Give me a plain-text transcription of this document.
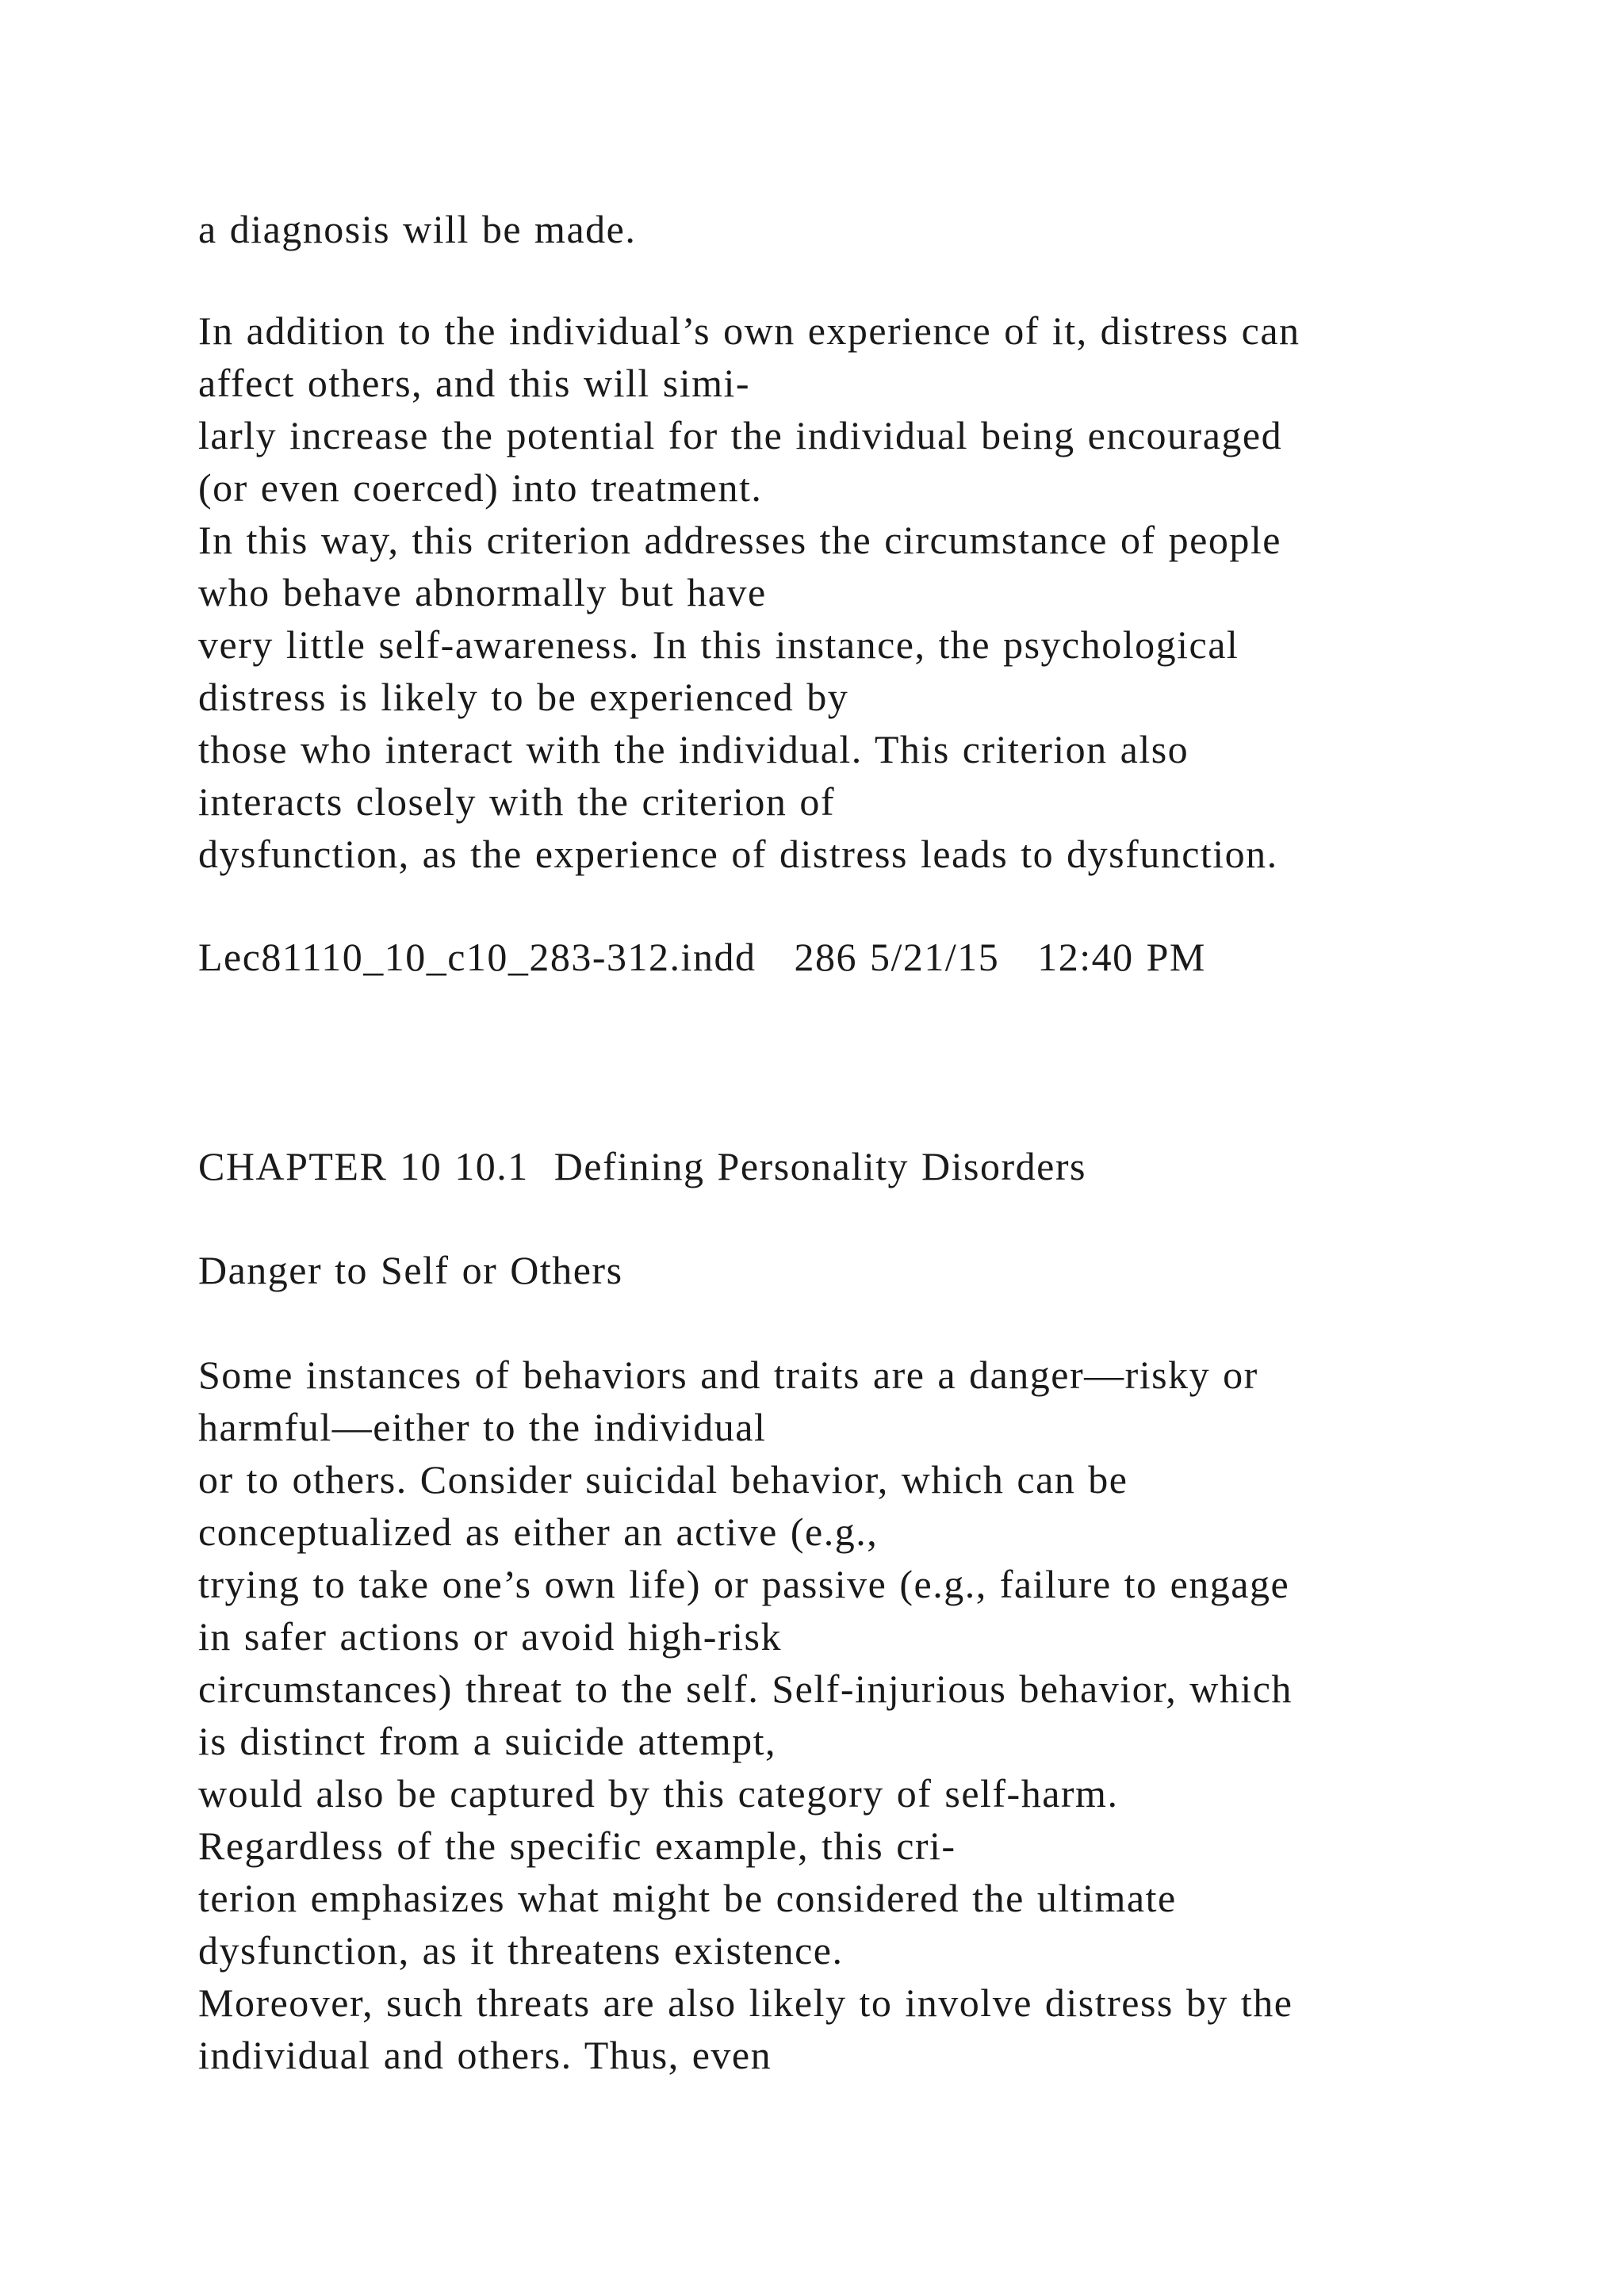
a diagnosis will be made.
In addition to the individual’s own experience of it, distress can
affect others, and this will simi-
larly increase the potential for the individual being encouraged
(or even coerced) into treatment.
In this way, this criterion addresses the circumstance of people
who behave abnormally but have
very little self-awareness. In this instance, the psychological
distress is likely to be experienced by
those who interact with the individual. This criterion also
interacts closely with the criterion of
dysfunction, as the experience of distress leads to dysfunction.
Lec81110_10_c10_283-312.indd   286 5/21/15   12:40 PM
CHAPTER 10 10.1  Defining Personality Disorders
Danger to Self or Others
Some instances of behaviors and traits are a danger—risky or
harmful—either to the individual
or to others. Consider suicidal behavior, which can be
conceptualized as either an active (e.g.,
trying to take one’s own life) or passive (e.g., failure to engage
in safer actions or avoid high-risk
circumstances) threat to the self. Self-injurious behavior, which
is distinct from a suicide attempt,
would also be captured by this category of self-harm.
Regardless of the specific example, this cri-
terion emphasizes what might be considered the ultimate
dysfunction, as it threatens existence.
Moreover, such threats are also likely to involve distress by the
individual and others. Thus, even
